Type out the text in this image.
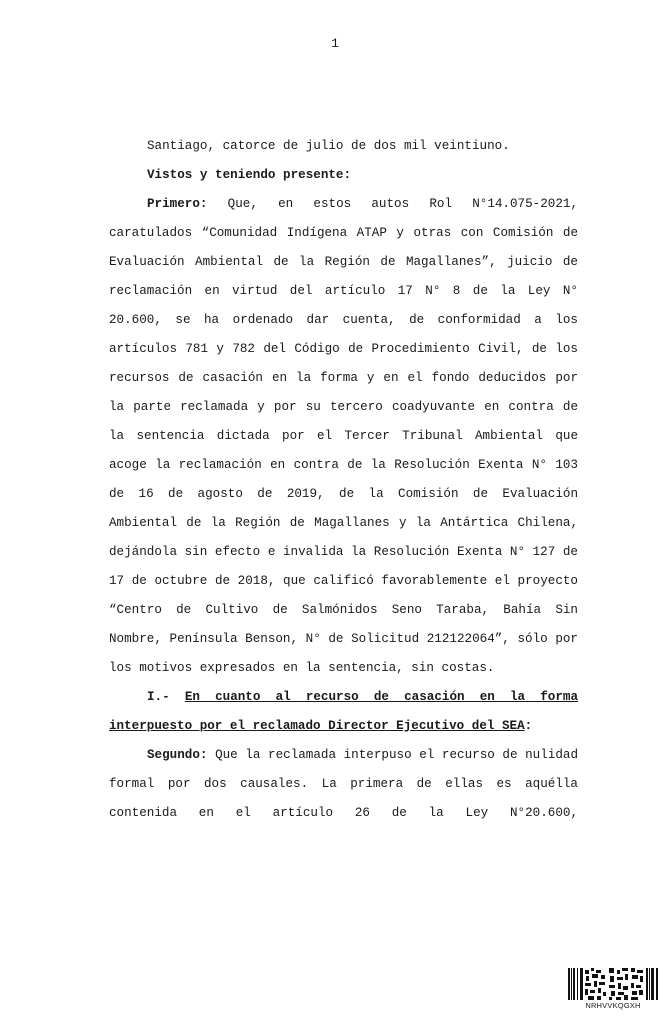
1

Santiago, catorce de julio de dos mil veintiuno.

Vistos y teniendo presente:

Primero: Que, en estos autos Rol N°14.075-2021, caratulados “Comunidad Indígena ATAP y otras con Comisión de Evaluación Ambiental de la Región de Magallanes”, juicio de reclamación en virtud del artículo 17 N° 8 de la Ley N° 20.600, se ha ordenado dar cuenta, de conformidad a los artículos 781 y 782 del Código de Procedimiento Civil, de los recursos de casación en la forma y en el fondo deducidos por la parte reclamada y por su tercero coadyuvante en contra de la sentencia dictada por el Tercer Tribunal Ambiental que acoge la reclamación en contra de la Resolución Exenta N° 103 de 16 de agosto de 2019, de la Comisión de Evaluación Ambiental de la Región de Magallanes y la Antártica Chilena, dejándola sin efecto e invalida la Resolución Exenta N° 127 de 17 de octubre de 2018, que calificó favorablemente el proyecto “Centro de Cultivo de Salmónidos Seno Taraba, Bahía Sin Nombre, Península Benson, N° de Solicitud 212122064”, sólo por los motivos expresados en la sentencia, sin costas.

I.- En cuanto al recurso de casación en la forma interpuesto por el reclamado Director Ejecutivo del SEA:

Segundo: Que la reclamada interpuso el recurso de nulidad formal por dos causales. La primera de ellas es aquélla contenida en el artículo 26 de la Ley N°20.600,

NRHVVKQGXH
